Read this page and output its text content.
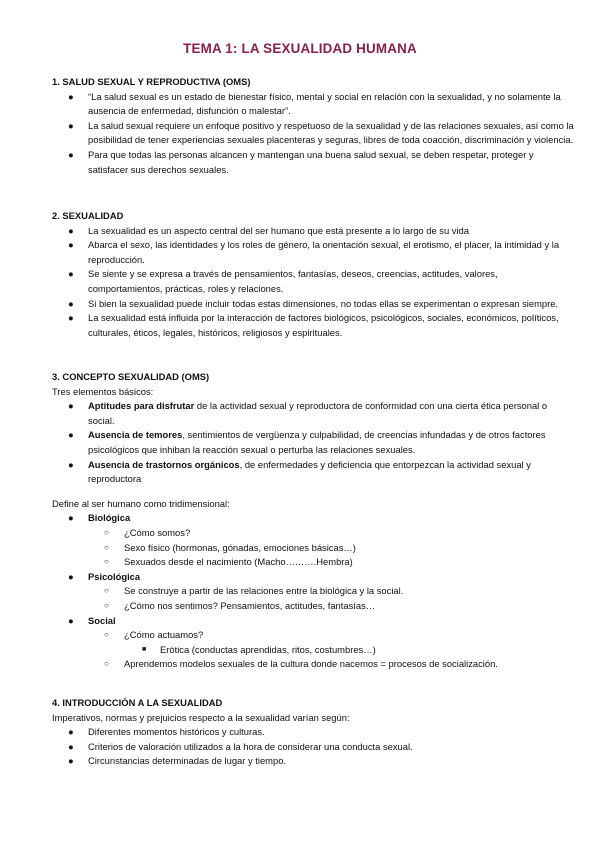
TEMA 1: LA SEXUALIDAD HUMANA

1. SALUD SEXUAL Y REPRODUCTIVA (OMS)

● “La salud sexual es un estado de bienestar físico, mental y social en relación con la sexualidad, y no solamente la ausencia de enfermedad, disfunción o malestar”.
● La salud sexual requiere un enfoque positivo y respetuoso de la sexualidad y de las relaciones sexuales, así como la posibilidad de tener experiencias sexuales placenteras y seguras, libres de toda coacción, discriminación y violencia.
● Para que todas las personas alcancen y mantengan una buena salud sexual, se deben respetar, proteger y satisfacer sus derechos sexuales.

2. SEXUALIDAD

● La sexualidad es un aspecto central del ser humano que está presente a lo largo de su vida
● Abarca el sexo, las identidades y los roles de género, la orientación sexual, el erotismo, el placer, la intimidad y la reproducción.
● Se siente y se expresa a través de pensamientos, fantasías, deseos, creencias, actitudes, valores, comportamientos, prácticas, roles y relaciones.
● Si bien la sexualidad puede incluir todas estas dimensiones, no todas ellas se experimentan o expresan siempre.
● La sexualidad está influida por la interacción de factores biológicos, psicológicos, sociales, económicos, políticos, culturales, éticos, legales, históricos, religiosos y espirituales.

3. CONCEPTO SEXUALIDAD (OMS)

Tres elementos básicos:

● Aptitudes para disfrutar de la actividad sexual y reproductora de conformidad con una cierta ética personal o social.
● Ausencia de temores, sentimientos de vergüenza y culpabilidad, de creencias infundadas y de otros factores psicológicos que inhiban la reacción sexual o perturba las relaciones sexuales.
● Ausencia de trastornos orgánicos, de enfermedades y deficiencia que entorpezcan la actividad sexual y reproductora

Define al ser humano como tridimensional:

● Biológica
○ ¿Cómo somos?
○ Sexo físico (hormonas, gónadas, emociones básicas…)
○ Sexuados desde el nacimiento (Macho……….Hembra)
● Psicológica
○ Se construye a partir de las relaciones entre la biológica y la social.
○ ¿Cómo nos sentimos? Pensamientos, actitudes, fantasías…
● Social
○ ¿Cómo actuamos?
■ Erótica (conductas aprendidas, ritos, costumbres…)
○ Aprendemos modelos sexuales de la cultura donde nacemos = procesos de socialización.

4. INTRODUCCIÓN A LA SEXUALIDAD

Imperativos, normas y prejuicios respecto a la sexualidad varían según:

● Diferentes momentos históricos y culturas.
● Criterios de valoración utilizados a la hora de considerar una conducta sexual.
● Circunstancias determinadas de lugar y tiempo.
